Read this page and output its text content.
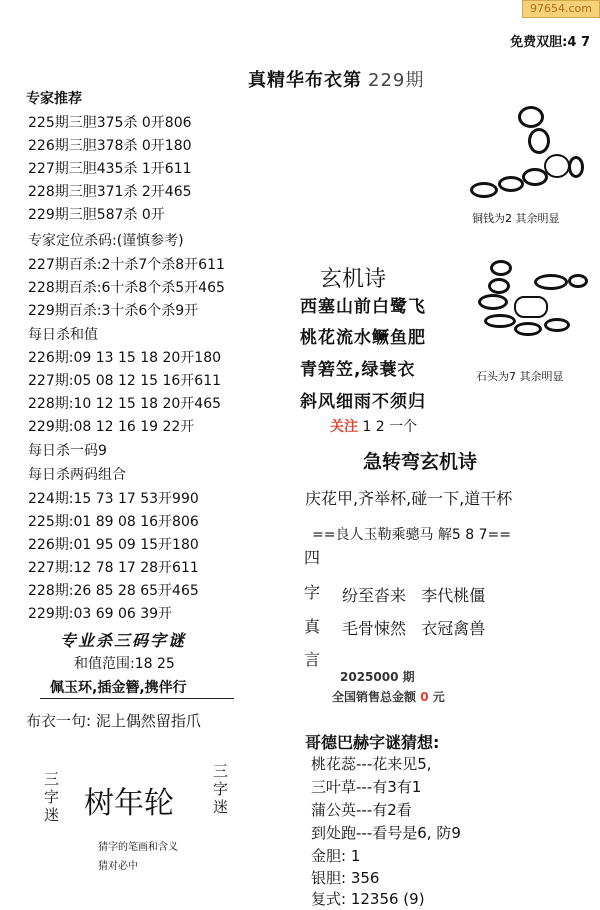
97654.com
免费双胆:4 7
真精华布衣第 229期
专家推荐
225期三胆375杀 0开806
226期三胆378杀 0开180
227期三胆435杀 1开611
228期三胆371杀 2开465
229期三胆587杀 0开
专家定位杀码:(谨慎参考)
227期百杀:2十杀7个杀8开611
228期百杀:6十杀8个杀5开465
229期百杀:3十杀6个杀9开
每日杀和值
226期:09 13 15 18 20开180
227期:05 08 12 15 16开611
228期:10 12 15 18 20开465
229期:08 12 16 19 22开
每日杀一码9
每日杀两码组合
224期:15 73 17 53开990
225期:01 89 08 16开806
226期:01 95 09 15开180
227期:12 78 17 28开611
228期:26 85 28 65开465
229期:03 69 06 39开
专业杀三码字谜
和值范围:18 25
佩玉环,插金簪,携伴行
布衣一句: 泥上偶然留指爪
三字
迷 树年轮
三字
迷
猜字的笔画和含义
猜对必中
铜钱为2 其余明显
石头为7 其余明显
玄机诗
西塞山前白鹭飞
桃花流水鳜鱼肥
青箬笠,绿蓑衣
斜风细雨不须归
关注 1 2 一个
急转弯玄机诗
庆花甲,齐举杯,碰一下,道干杯
==良人玉勒乘骢马 解5 8 7==
四
字
真
言
纷至沓来   李代桃僵
毛骨悚然   衣冠禽兽
2025000 期
全国销售总金额 0 元
哥德巴赫字谜猜想:
桃花蕊---花来见5,
三叶草---有3有1
蒲公英---有2看
到处跑---看号是6, 防9
金胆: 1
银胆: 356
复式: 12356 (9)
